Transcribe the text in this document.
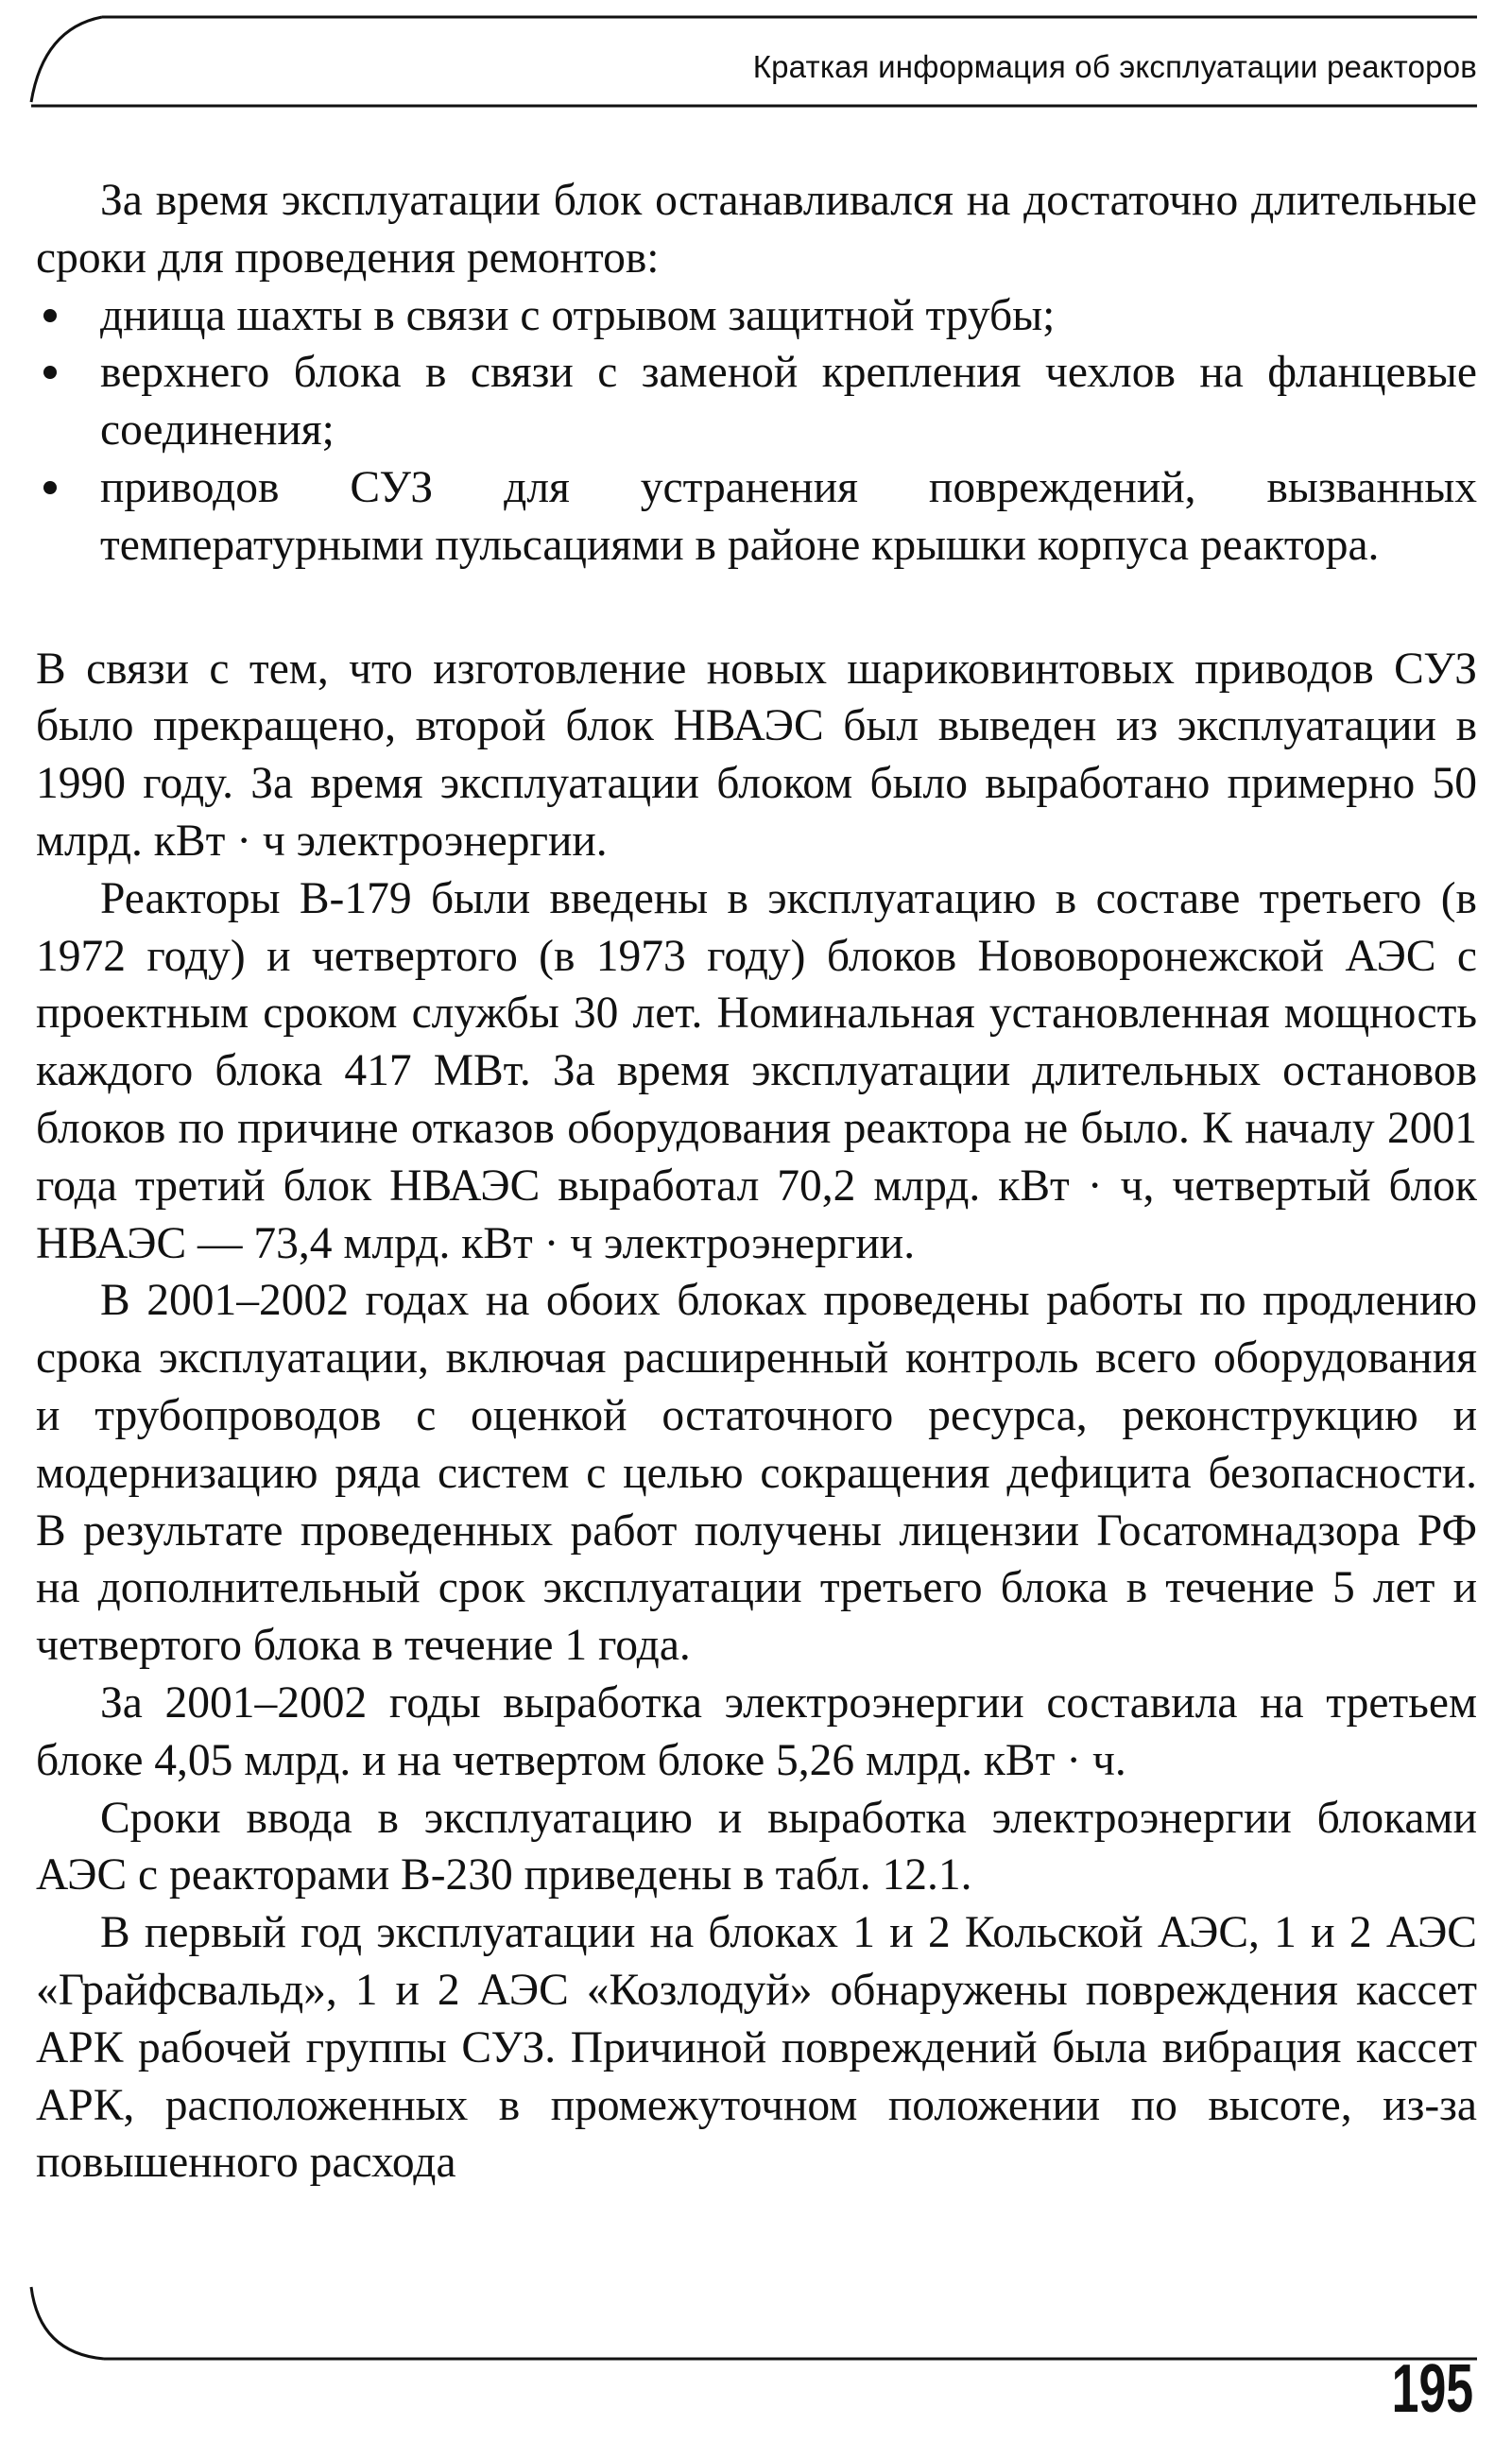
Краткая информация об эксплуатации реакторов

За время эксплуатации блок останавливался на достаточно длительные сроки для проведения ремонтов:

днища шахты в связи с отрывом защитной трубы;
верхнего блока в связи с заменой крепления чехлов на фланцевые соединения;
приводов СУЗ для устранения повреждений, вызванных температурными пульсациями в районе крышки корпуса реактора.

В связи с тем, что изготовление новых шариковинтовых приводов СУЗ было прекращено, второй блок НВАЭС был выведен из эксплуатации в 1990 году. За время эксплуатации блоком было выработано примерно 50 млрд. кВт · ч электроэнергии.

Реакторы В-179 были введены в эксплуатацию в составе третьего (в 1972 году) и четвертого (в 1973 году) блоков Нововоронежской АЭС с проектным сроком службы 30 лет. Номинальная установленная мощность каждого блока 417 МВт. За время эксплуатации длительных остановов блоков по причине отказов оборудования реактора не было. К началу 2001 года третий блок НВАЭС выработал 70,2 млрд. кВт · ч, четвертый блок НВАЭС — 73,4 млрд. кВт · ч электроэнергии.

В 2001–2002 годах на обоих блоках проведены работы по продлению срока эксплуатации, включая расширенный контроль всего оборудования и трубопроводов с оценкой остаточного ресурса, реконструкцию и модернизацию ряда систем с целью сокращения дефицита безопасности. В результате проведенных работ получены лицензии Госатомнадзора РФ на дополнительный срок эксплуатации третьего блока в течение 5 лет и четвертого блока в течение 1 года.

За 2001–2002 годы выработка электроэнергии составила на третьем блоке 4,05 млрд. и на четвертом блоке 5,26 млрд. кВт · ч.

Сроки ввода в эксплуатацию и выработка электроэнергии блоками АЭС с реакторами В-230 приведены в табл. 12.1.

В первый год эксплуатации на блоках 1 и 2 Кольской АЭС, 1 и 2 АЭС «Грайфсвальд», 1 и 2 АЭС «Козлодуй» обнаружены повреждения кассет АРК рабочей группы СУЗ. Причиной повреждений была вибрация кассет АРК, расположенных в промежуточном положении по высоте, из-за повышенного расхода

195
